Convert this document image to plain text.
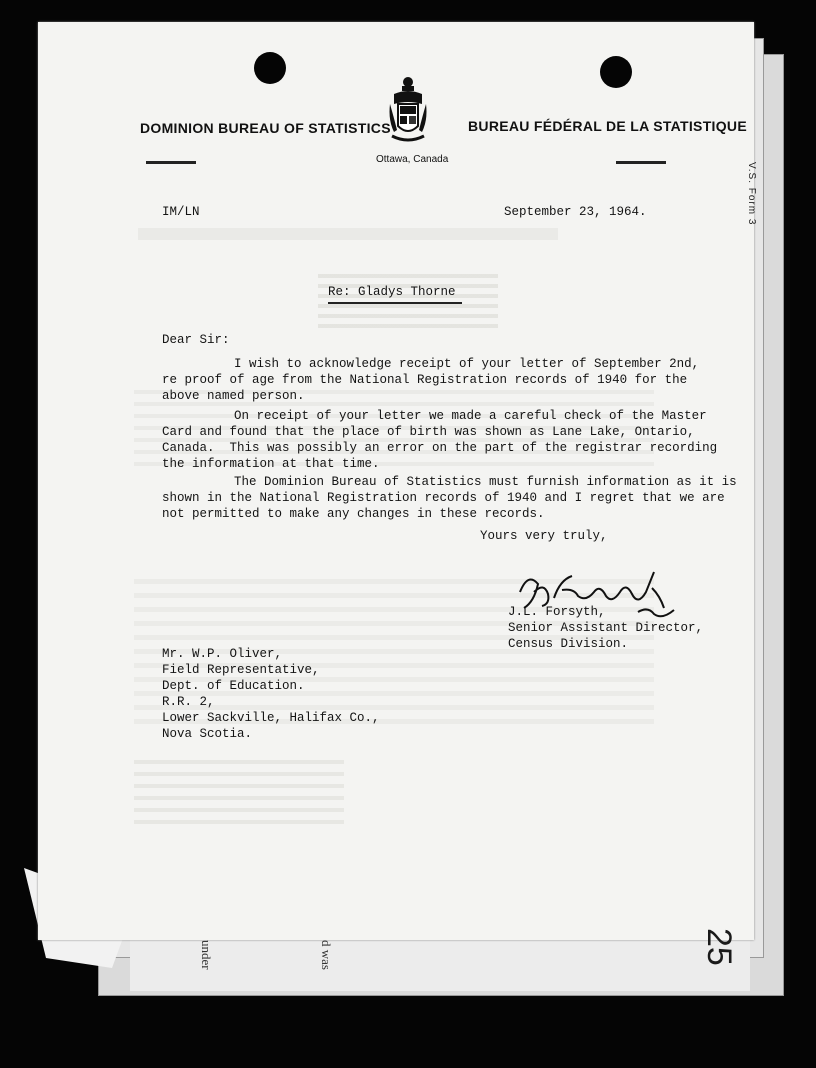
under	d was
DOMINION BUREAU OF STATISTICS	BUREAU FÉDÉRAL DE LA STATISTIQUE
Ottawa, Canada
IM/LN	September 23, 1964.
Re: Gladys Thorne
Dear Sir:
I wish to acknowledge receipt of your letter of September 2nd,
re proof of age from the National Registration records of 1940 for the
above named person.
On receipt of your letter we made a careful check of the Master
Card and found that the place of birth was shown as Lane Lake, Ontario,
Canada.  This was possibly an error on the part of the registrar recording
the information at that time.
The Dominion Bureau of Statistics must furnish information as it is
shown in the National Registration records of 1940 and I regret that we are
not permitted to make any changes in these records.
Yours very truly,
J.L. Forsyth,
Senior Assistant Director,
Census Division.
Mr. W.P. Oliver,
Field Representative,
Dept. of Education.
R.R. 2,
Lower Sackville, Halifax Co.,
Nova Scotia.
V.S. Form 3
25
